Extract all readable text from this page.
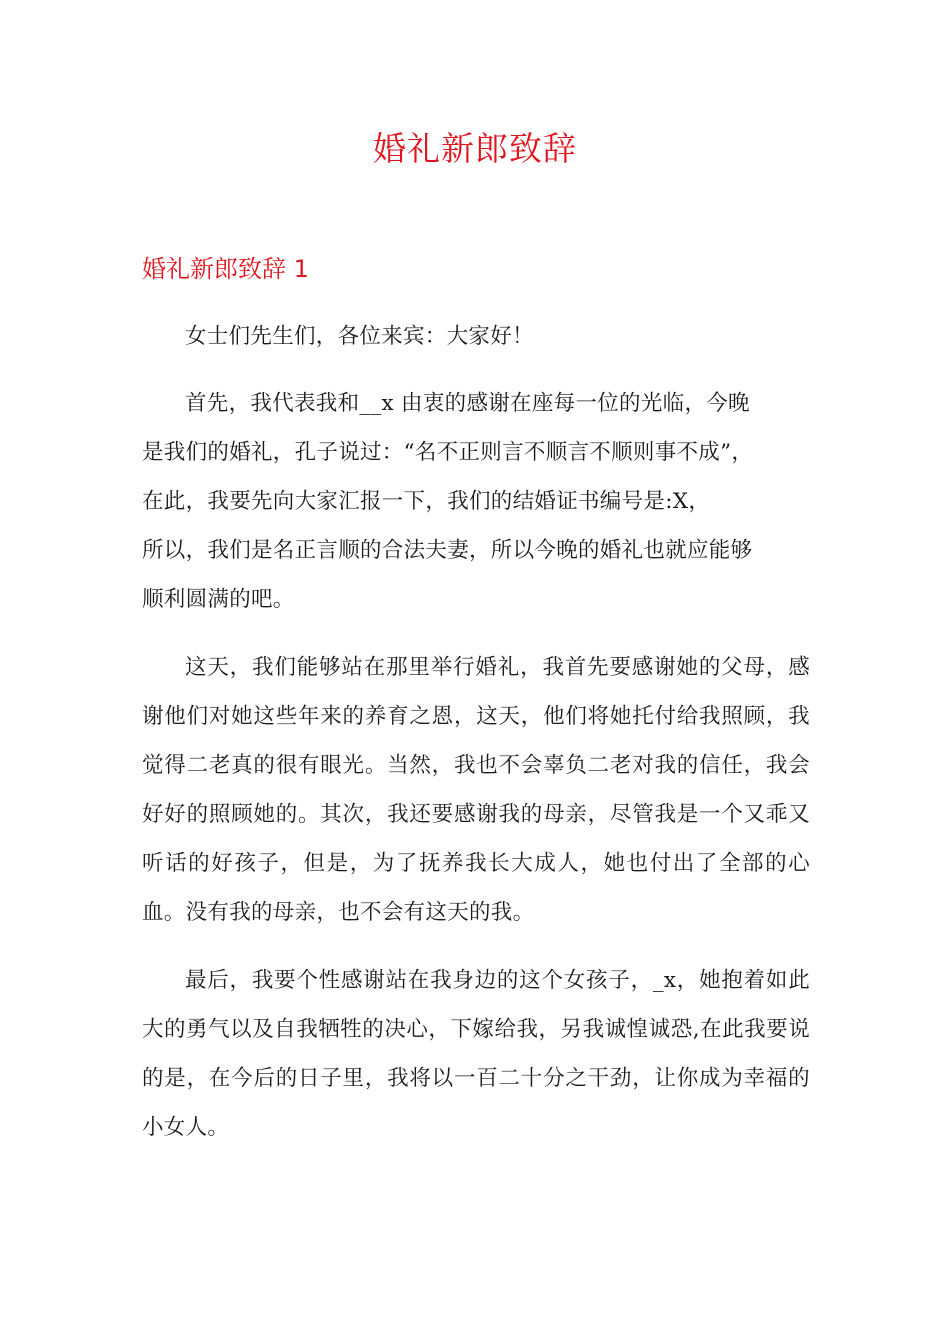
婚礼新郎致辞
婚礼新郎致辞 1

女士们先生们，各位来宾：大家好！

首先，我代表我和__x 由衷的感谢在座每一位的光临，今晚
是我们的婚礼，孔子说过：“名不正则言不顺言不顺则事不成”，
在此，我要先向大家汇报一下，我们的结婚证书编号是:X，
所以，我们是名正言顺的合法夫妻，所以今晚的婚礼也就应能够
顺利圆满的吧。

这天，我们能够站在那里举行婚礼，我首先要感谢她的父母，感谢他们对她这些年来的养育之恩，这天，他们将她托付给我照顾，我觉得二老真的很有眼光。当然，我也不会辜负二老对我的信任，我会好好的照顾她的。其次，我还要感谢我的母亲，尽管我是一个又乖又听话的好孩子，但是，为了抚养我长大成人，她也付出了全部的心血。没有我的母亲，也不会有这天的我。

最后，我要个性感谢站在我身边的这个女孩子，_x，她抱着如此大的勇气以及自我牺牲的决心，下嫁给我，另我诚惶诚恐,在此我要说的是，在今后的日子里，我将以一百二十分之干劲，让你成为幸福的小女人。
